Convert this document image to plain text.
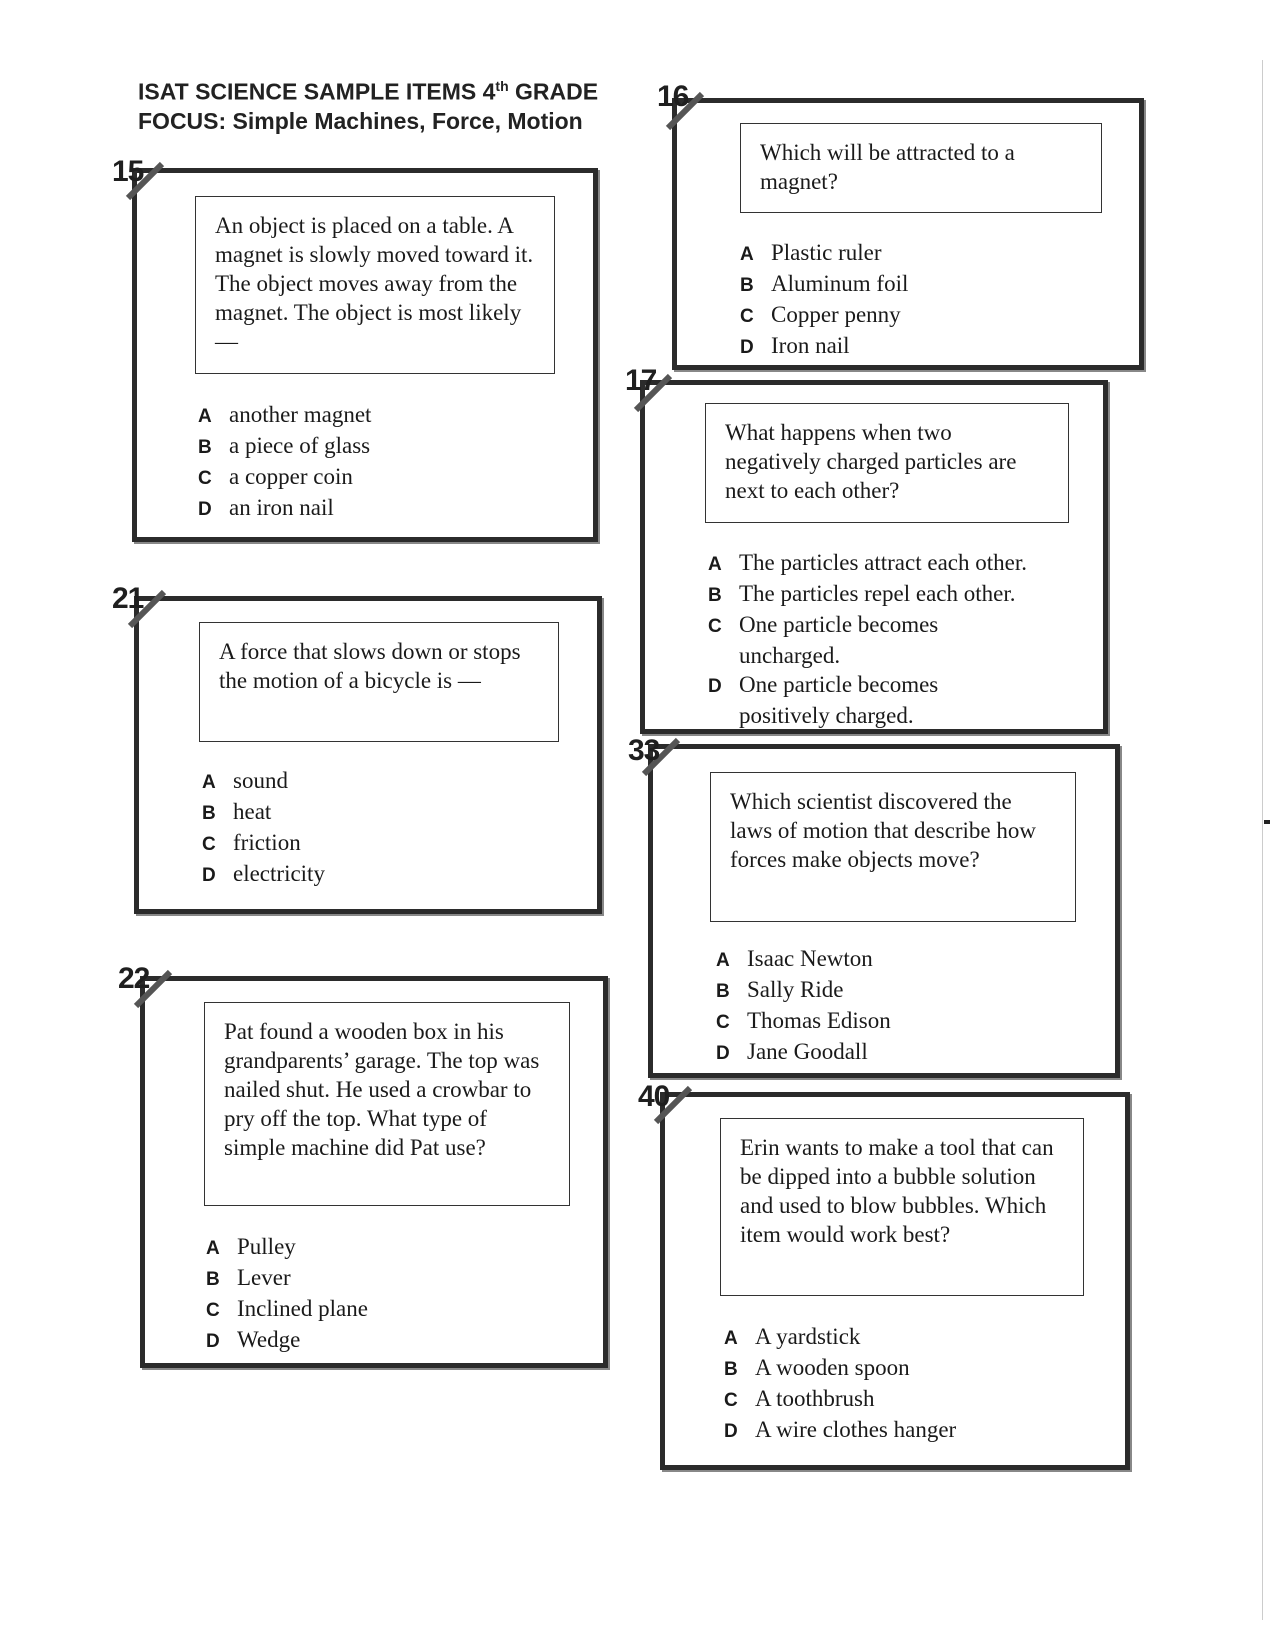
ISAT SCIENCE SAMPLE ITEMS 4th GRADE
FOCUS: Simple Machines, Force, Motion
15
An object is placed on a table. A magnet is slowly moved toward it. The object moves away from the magnet. The object is most likely —
A another magnet
B a piece of glass
C a copper coin
D an iron nail
16
Which will be attracted to a magnet?
A Plastic ruler
B Aluminum foil
C Copper penny
D Iron nail
17
What happens when two negatively charged particles are next to each other?
A The particles attract each other.
B The particles repel each other.
C One particle becomes
uncharged.
D One particle becomes
positively charged.
21
A force that slows down or stops the motion of a bicycle is —
A sound
B heat
C friction
D electricity
22
Pat found a wooden box in his grandparents’ garage. The top was nailed shut. He used a crowbar to pry off the top. What type of simple machine did Pat use?
A Pulley
B Lever
C Inclined plane
D Wedge
33
Which scientist discovered the laws of motion that describe how forces make objects move?
A Isaac Newton
B Sally Ride
C Thomas Edison
D Jane Goodall
40
Erin wants to make a tool that can be dipped into a bubble solution and used to blow bubbles. Which item would work best?
A A yardstick
B A wooden spoon
C A toothbrush
D A wire clothes hanger
